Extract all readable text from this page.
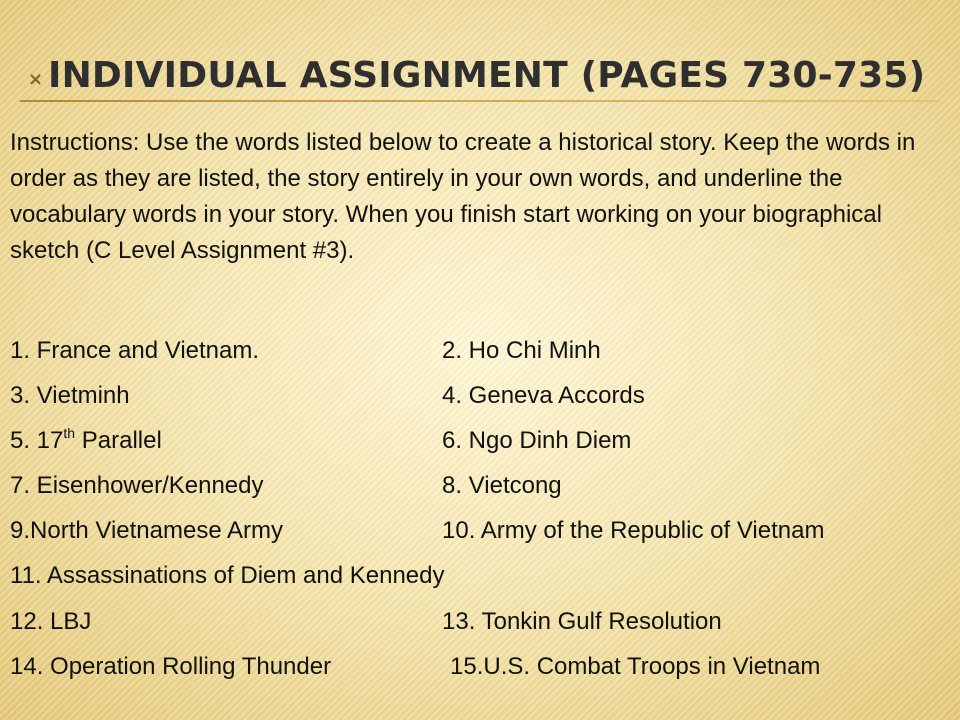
× INDIVIDUAL ASSIGNMENT (PAGES 730-735)

Instructions: Use the words listed below to create a historical story. Keep the words in order as they are listed, the story entirely in your own words, and underline the vocabulary words in your story. When you finish start working on your biographical sketch (C Level Assignment #3).

1. France and Vietnam.	2. Ho Chi Minh
3. Vietminh	4. Geneva Accords
5. 17th Parallel	6. Ngo Dinh Diem
7. Eisenhower/Kennedy	8. Vietcong
9.North Vietnamese Army	10. Army of the Republic of Vietnam
11. Assassinations of Diem and Kennedy
12. LBJ	13. Tonkin Gulf Resolution
14. Operation Rolling Thunder	15.U.S. Combat Troops in Vietnam
